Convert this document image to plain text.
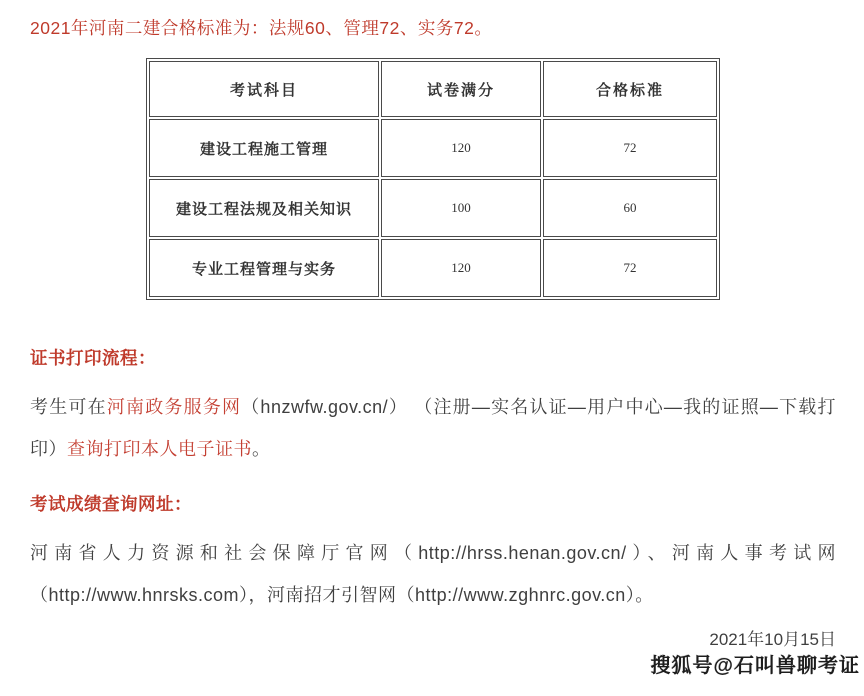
2021年河南二建合格标准为：法规60、管理72、实务72。
考试科目	试卷满分	合格标准
建设工程施工管理	120	72
建设工程法规及相关知识	100	60
专业工程管理与实务	120	72
证书打印流程：

考生可在河南政务服务网（hnzwfw.gov.cn/） （注册—实名认证—用户中心—我的证照—下载打印）查询打印本人电子证书。

考试成绩查询网址：

河南省人力资源和社会保障厅官网（http://hrss.henan.gov.cn/）、河南人事考试网（http://www.hnrsks.com），河南招才引智网（http://www.zghnrc.gov.cn）。

2021年10月15日
搜狐号@石叫兽聊考证
